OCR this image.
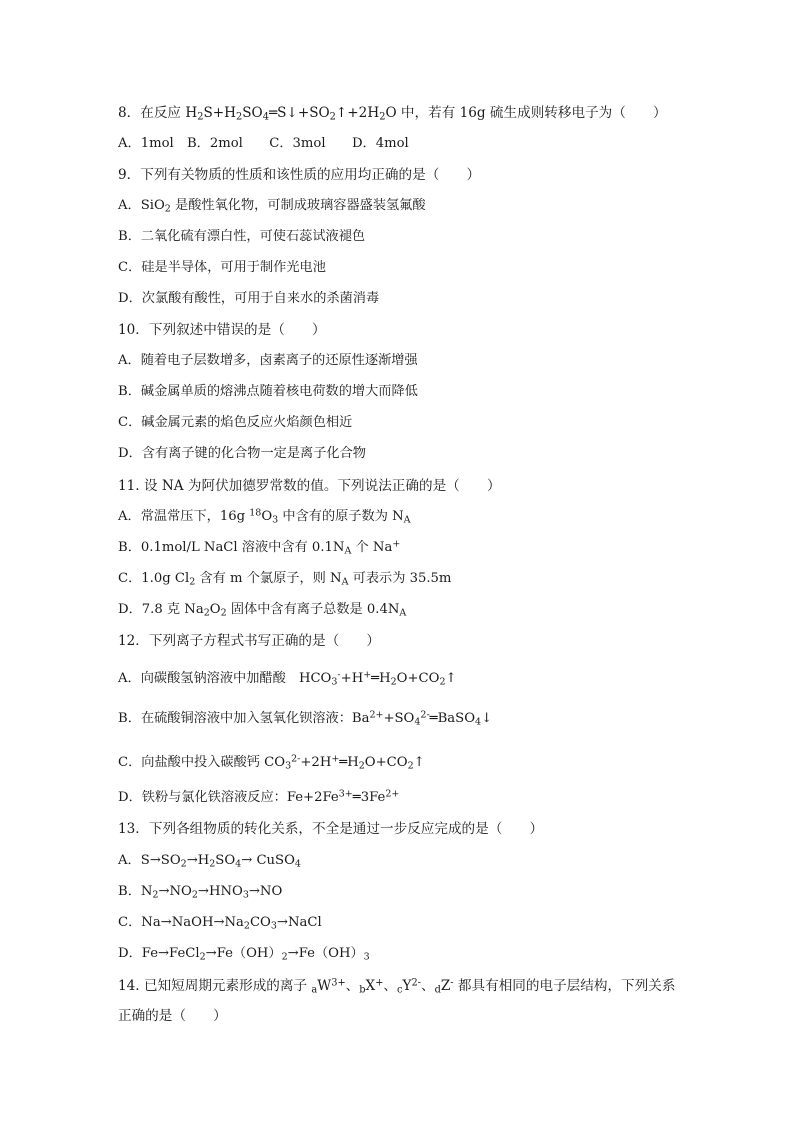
8．在反应 $H_2S+H_2SO_4═S↓+SO_2↑+2H_2O$ 中，若有 16g 硫生成则转移电子为（　　）
A．1mol　B．2mol　　C．3mol　　D．4mol
9．下列有关物质的性质和该性质的应用均正确的是（　　）
A．SiO$_2$ 是酸性氧化物，可制成玻璃容器盛装氢氟酸
B．二氧化硫有漂白性，可使石蕊试液褪色
C．硅是半导体，可用于制作光电池
D．次氯酸有酸性，可用于自来水的杀菌消毒
10．下列叙述中错误的是（　　）
A．随着电子层数增多，卤素离子的还原性逐渐增强
B．碱金属单质的熔沸点随着核电荷数的增大而降低
C．碱金属元素的焰色反应火焰颜色相近
D．含有离子键的化合物一定是离子化合物
11. 设 NA 为阿伏加德罗常数的值。下列说法正确的是（　　）
A．常温常压下，16g $^{18}O_3$ 中含有的原子数为 $N_A$
B．0.1mol/L NaCl 溶液中含有 $0.1N_A$ 个 Na+
C．1.0g $Cl_2$ 含有 m 个氯原子，则 $N_A$ 可表示为 35.5m
D．7.8 克 $Na_2O_2$ 固体中含有离子总数是 $0.4N_A$
12．下列离子方程式书写正确的是（　　）
A．向碳酸氢钠溶液中加醋酸　$HCO_3^-+H^+═H_2O+CO_2↑$
B．在硫酸铜溶液中加入氢氧化钡溶液：$Ba^{2+}+SO_4^{2-}═BaSO_4↓$
C．向盐酸中投入碳酸钙 $CO_3^{2-}+2H^+═H_2O+CO_2↑$
D．铁粉与氯化铁溶液反应：$Fe+2Fe^{3+}═3Fe^{2+}$
13．下列各组物质的转化关系，不全是通过一步反应完成的是（　　）
A．$S\to SO_2\to H_2SO_4\to$ CuSO$_4$
B．$N_2\to NO_2\to HNO_3\to NO$
C．$Na\to NaOH\to Na_2CO_3\to NaCl$
D．$Fe\to FeCl_2\to Fe(OH)_2\to Fe(OH)_3$
14. 已知短周期元素形成的离子 $_aW^{3+}$、$_b$X+、$_cY^{2-}$、$_d$Z- 都具有相同的电子层结构，下列关系
正确的是（　　）
